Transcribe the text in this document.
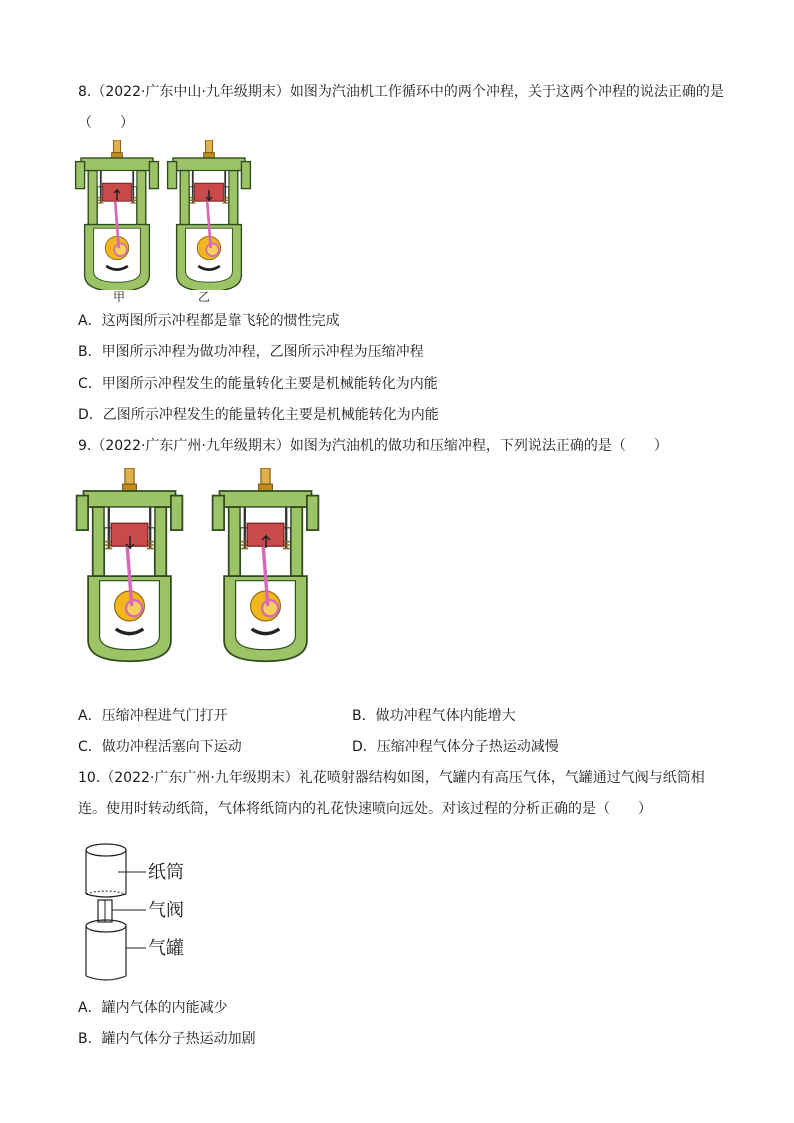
8.（2022·广东中山·九年级期末）如图为汽油机工作循环中的两个冲程，关于这两个冲程的说法正确的是
（　　）
甲	乙
A．这两图所示冲程都是靠飞轮的惯性完成
B．甲图所示冲程为做功冲程，乙图所示冲程为压缩冲程
C．甲图所示冲程发生的能量转化主要是机械能转化为内能
D．乙图所示冲程发生的能量转化主要是机械能转化为内能
9.（2022·广东广州·九年级期末）如图为汽油机的做功和压缩冲程，下列说法正确的是（　　）
A．压缩冲程进气门打开	B．做功冲程气体内能增大
C．做功冲程活塞向下运动	D．压缩冲程气体分子热运动减慢
10.（2022·广东广州·九年级期末）礼花喷射器结构如图，气罐内有高压气体，气罐通过气阀与纸筒相
连。使用时转动纸筒，气体将纸筒内的礼花快速喷向远处。对该过程的分析正确的是（　　）
纸筒
气阀
气罐
A．罐内气体的内能减少
B．罐内气体分子热运动加剧
